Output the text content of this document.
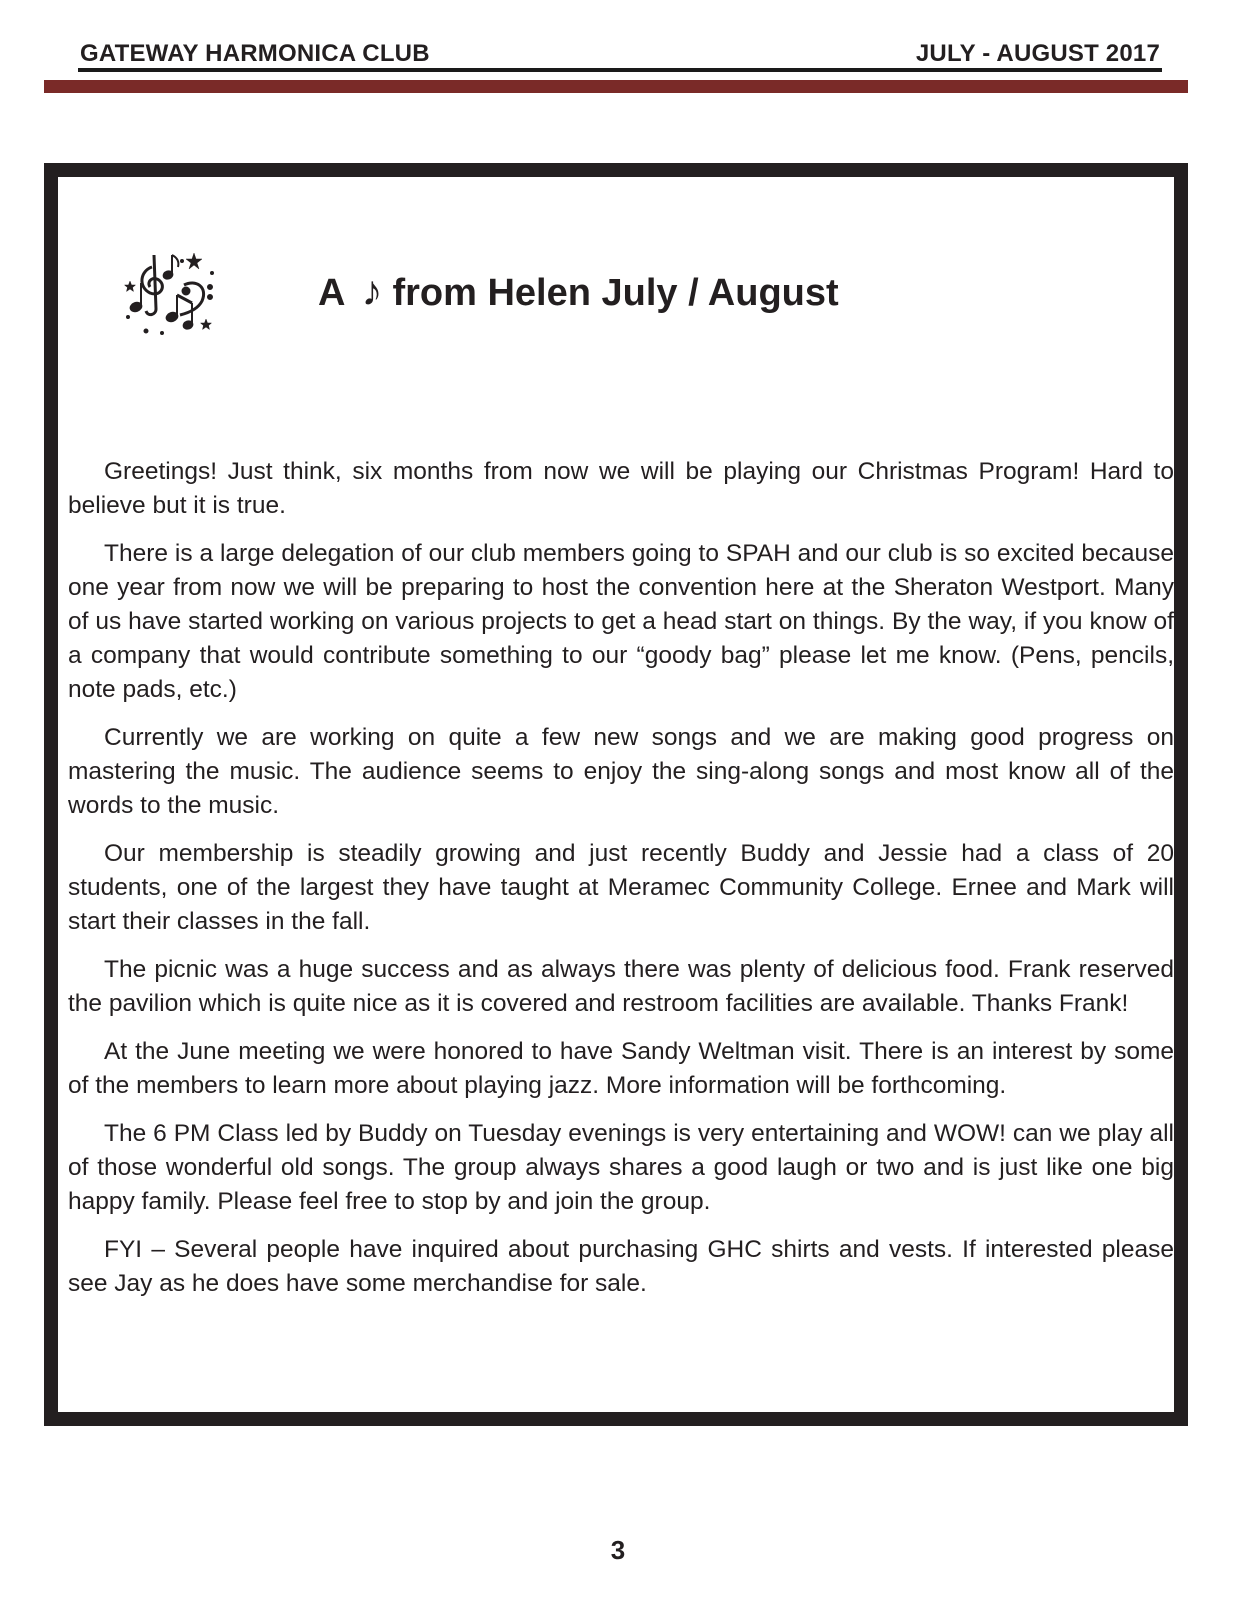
GATEWAY HARMONICA CLUB	JULY - AUGUST 2017
A ♪ from Helen July / August

Greetings! Just think, six months from now we will be playing our Christmas Program! Hard to believe but it is true.

There is a large delegation of our club members going to SPAH and our club is so excited because one year from now we will be preparing to host the convention here at the Sheraton Westport. Many of us have started working on various projects to get a head start on things. By the way, if you know of a company that would contribute something to our “goody bag” please let me know. (Pens, pencils, note pads, etc.)

Currently we are working on quite a few new songs and we are making good progress on mastering the music. The audience seems to enjoy the sing-along songs and most know all of the words to the music.

Our membership is steadily growing and just recently Buddy and Jessie had a class of 20 students, one of the largest they have taught at Meramec Community College. Ernee and Mark will start their classes in the fall.

The picnic was a huge success and as always there was plenty of delicious food. Frank reserved the pavilion which is quite nice as it is covered and restroom facilities are available. Thanks Frank!

At the June meeting we were honored to have Sandy Weltman visit. There is an interest by some of the members to learn more about playing jazz. More information will be forthcoming.

The 6 PM Class led by Buddy on Tuesday evenings is very entertaining and WOW! can we play all of those wonderful old songs. The group always shares a good laugh or two and is just like one big happy family. Please feel free to stop by and join the group.

FYI – Several people have inquired about purchasing GHC shirts and vests. If interested please see Jay as he does have some merchandise for sale.

3
